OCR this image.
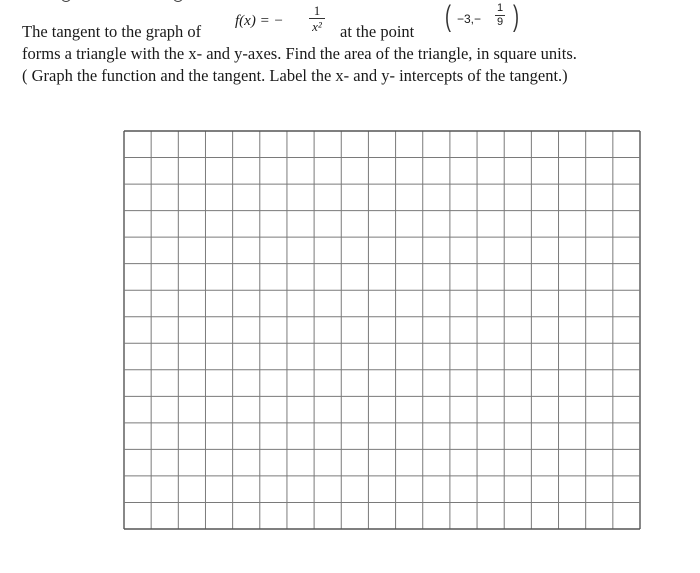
The tangent to the graph of
f(x) = −
1
x² at the point ( −3,−
1
9 )
forms a triangle with the x- and y-axes. Find the area of the triangle, in square units.
( Graph the function and the tangent. Label the x- and y- intercepts of the tangent.)
